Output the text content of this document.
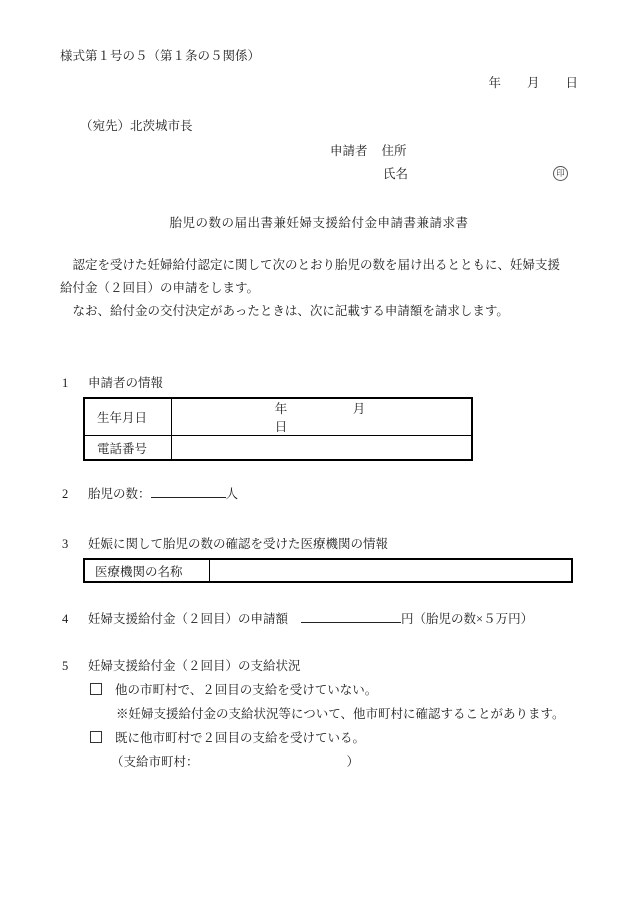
様式第１号の５（第１条の５関係）
年 月 日
（宛先）北茨城市長
申請者 住所
氏名	印
胎児の数の届出書兼妊婦支援給付金申請書兼請求書
　認定を受けた妊婦給付認定に関して次のとおり胎児の数を届け出るとともに、妊婦支援
給付金（２回目）の申請をします。
　なお、給付金の交付決定があったときは、次に記載する申請額を請求します。
1 申請者の情報
生年月日	年 月日
電話番号	
2 胎児の数：	人
3 妊娠に関して胎児の数の確認を受けた医療機関の情報
医療機関の名称	
4 妊婦支援給付金（２回目）の申請額	円（胎児の数×５万円）
5 妊婦支援給付金（２回目）の支給状況
他の市町村で、２回目の支給を受けていない。
※妊婦支援給付金の支給状況等について、他市町村に確認することがあります。
既に他市町村で２回目の支給を受けている。
（支給市町村：	）
